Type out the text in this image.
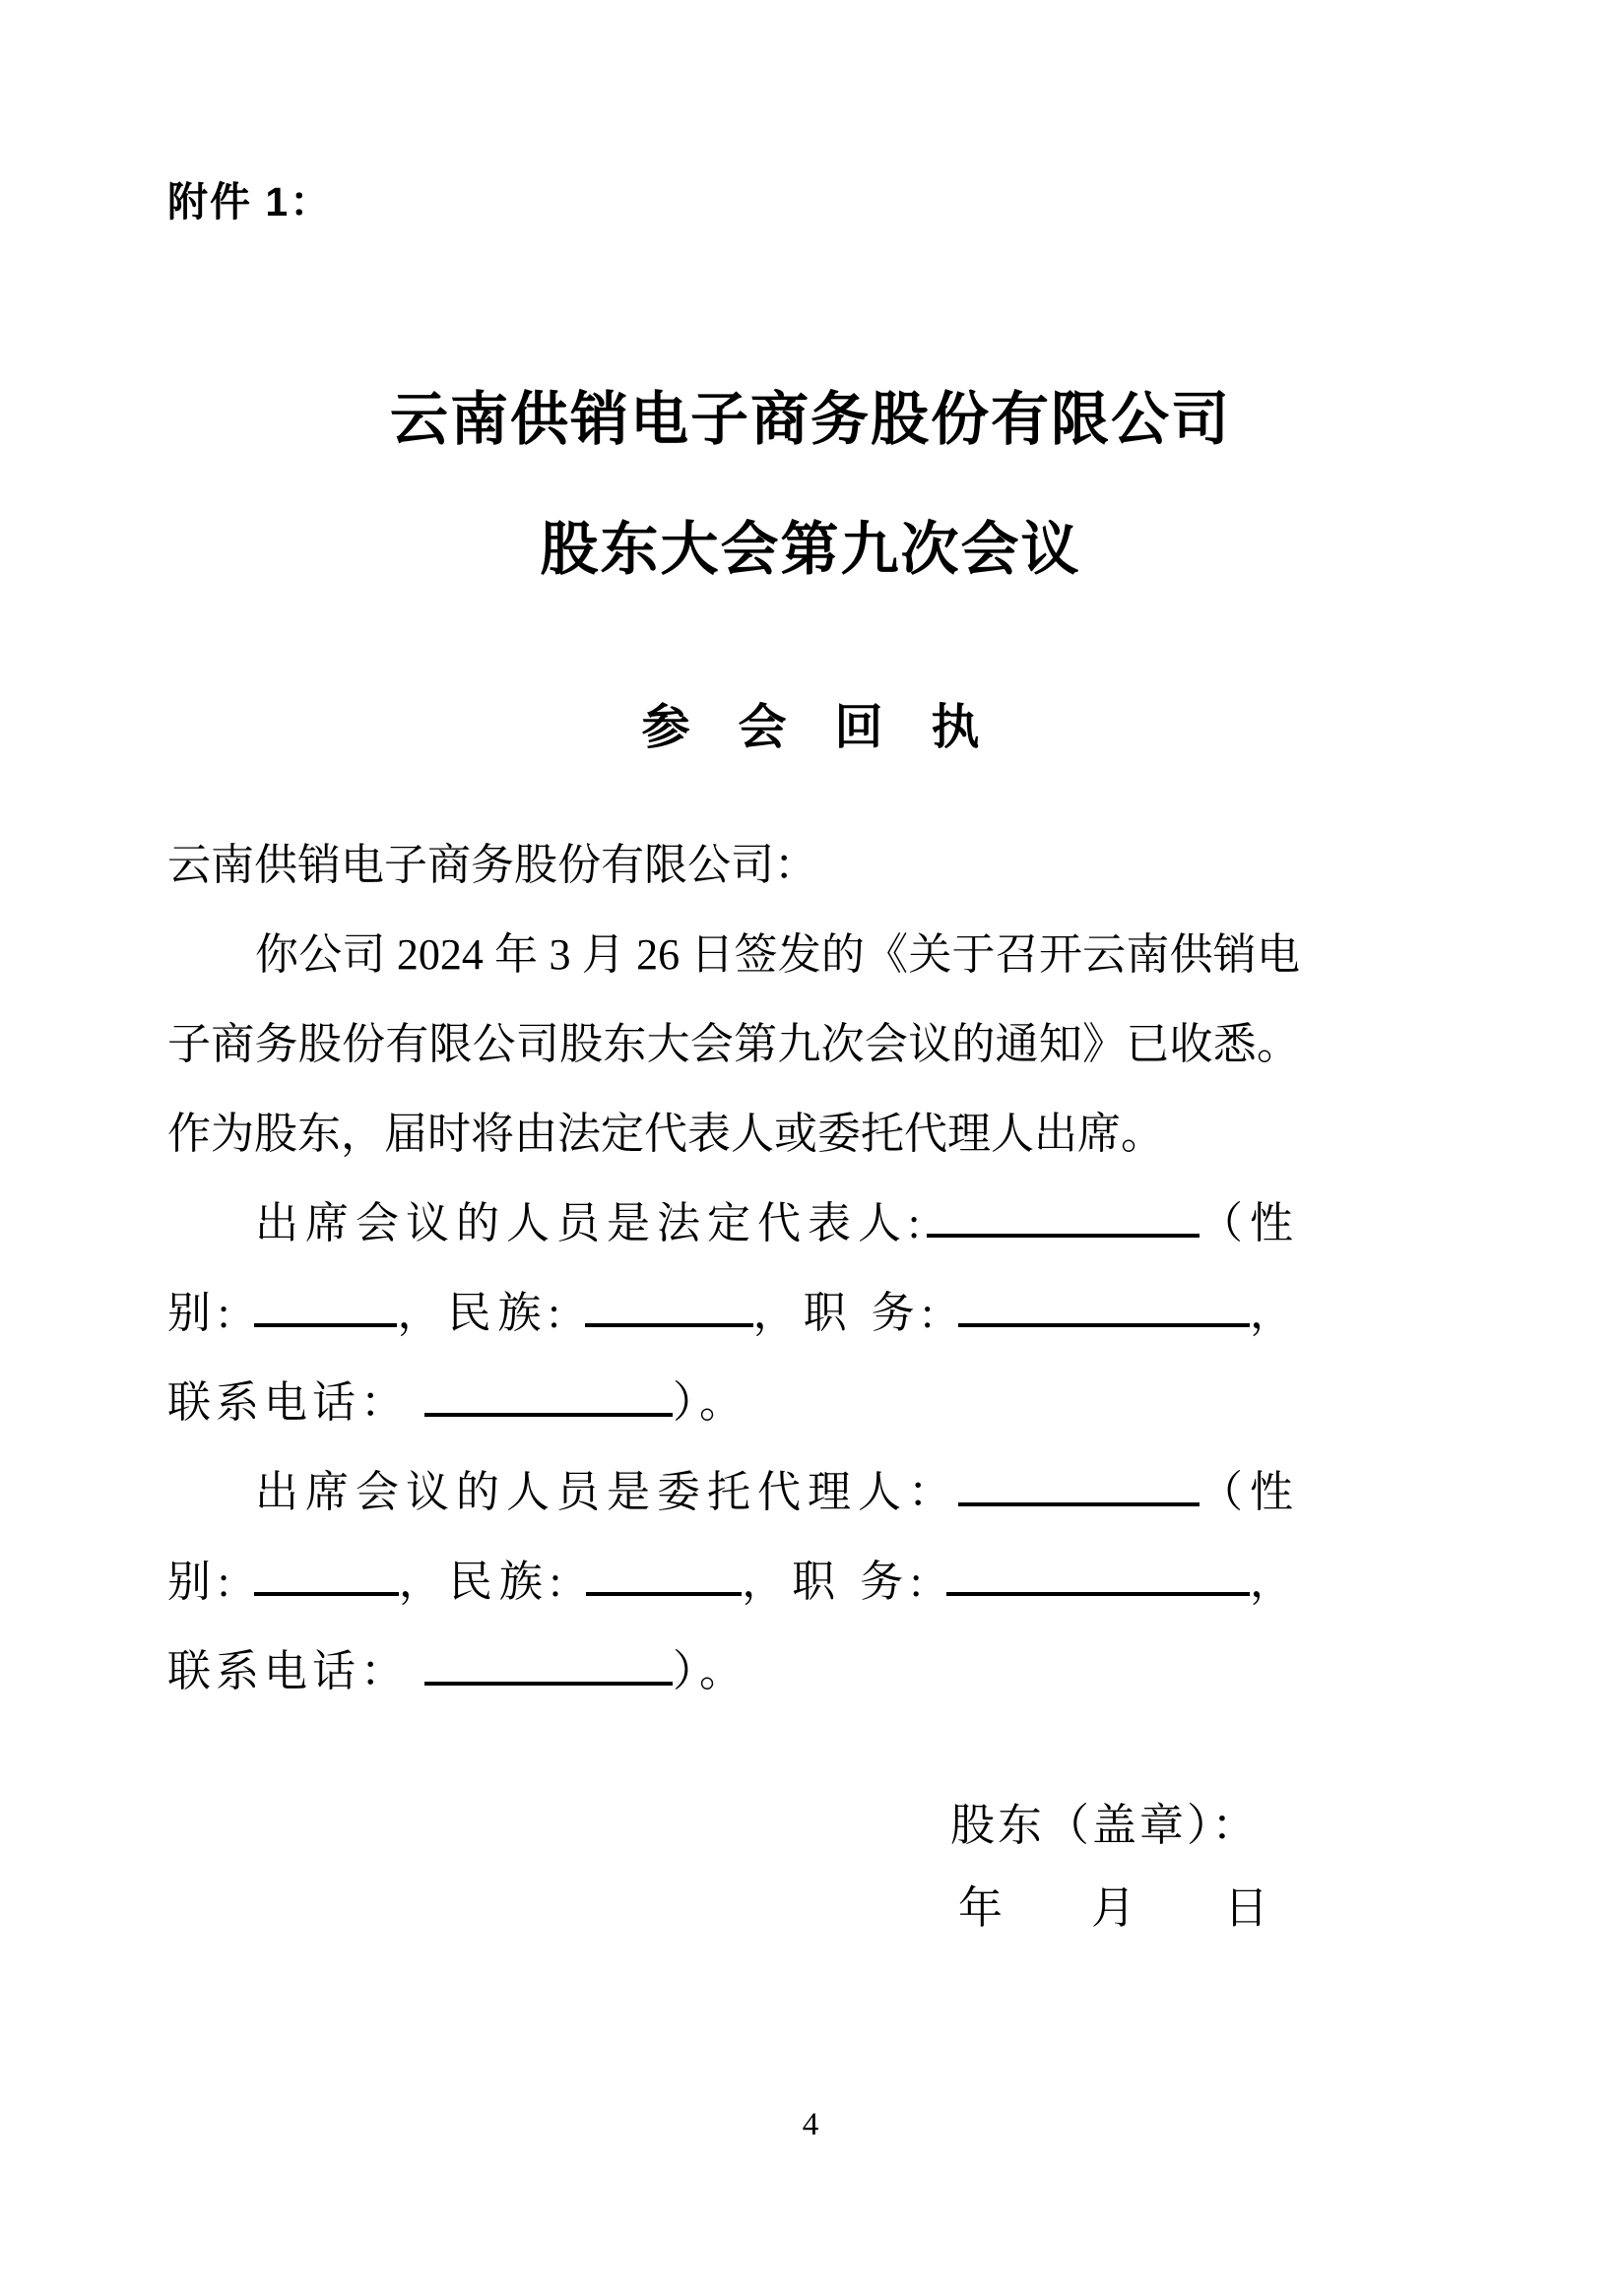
附件 1：
云南供销电子商务股份有限公司
股东大会第九次会议
参　会　回　执
云南供销电子商务股份有限公司：
你公司 2024 年 3 月 26 日签发的《关于召开云南供销电
子商务股份有限公司股东大会第九次会议的通知》已收悉。
作为股东，届时将由法定代表人或委托代理人出席。
出席会议的人员是法定代表人:	（性
别:	，民族:	，职 务:	，
联系电话：	）。
出席会议的人员是委托代理人：	（性
别:	，民族:	，职 务:	，
联系电话：	）。
股东（盖章）：
年　　月　　日
4
